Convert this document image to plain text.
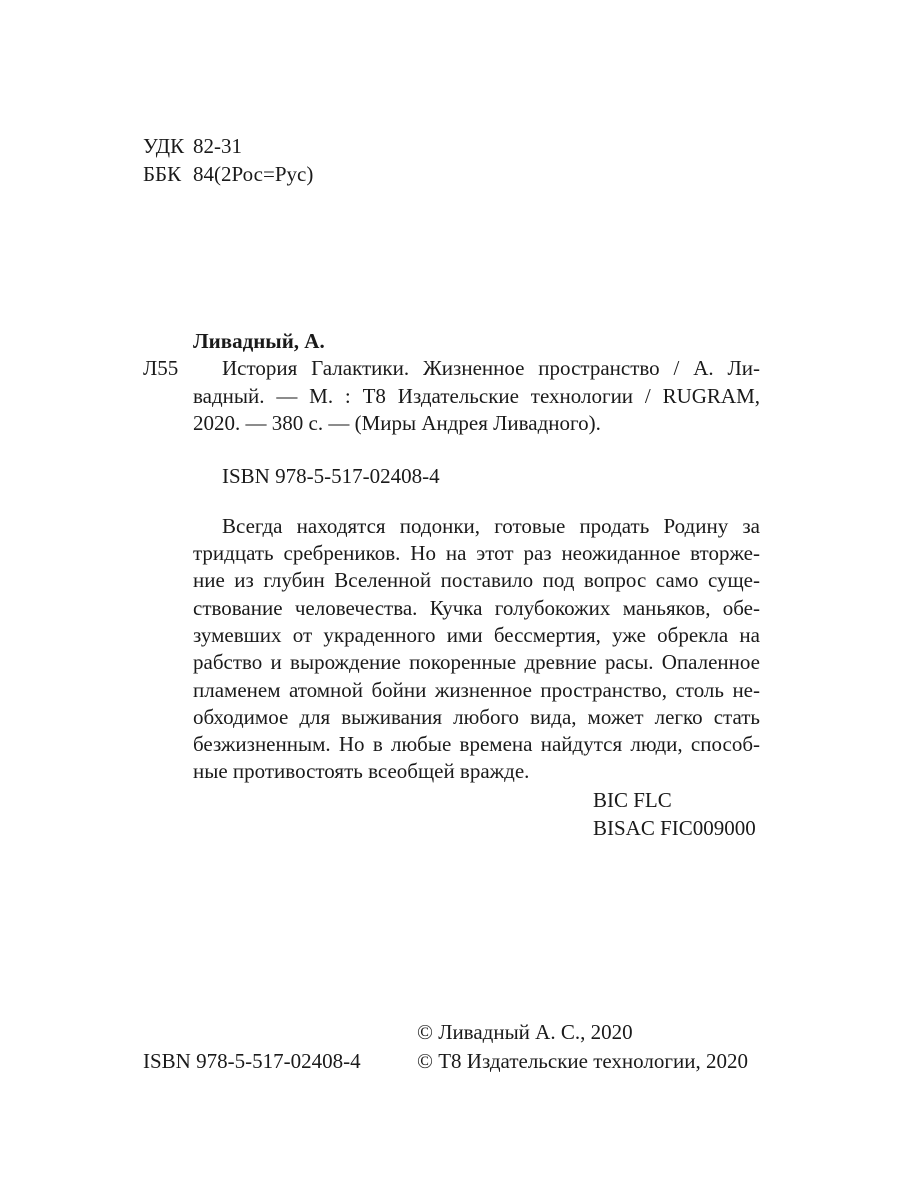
УДК 82-31
ББК 84(2Рос=Рус)
Ливадный, А.
Л55 История Галактики. Жизненное пространство / А. Ли-
вадный. — М. : Т8 Издательские технологии / RUGRAM,
2020. — 380 с. — (Миры Андрея Ливадного).
ISBN 978-5-517-02408-4
Всегда находятся подонки, готовые продать Родину за
тридцать сребреников. Но на этот раз неожиданное вторже-
ние из глубин Вселенной поставило под вопрос само суще-
ствование человечества. Кучка голубокожих маньяков, обе-
зумевших от украденного ими бессмертия, уже обрекла на
рабство и вырождение покоренные древние расы. Опаленное
пламенем атомной бойни жизненное пространство, столь не-
обходимое для выживания любого вида, может легко стать
безжизненным. Но в любые времена найдутся люди, способ-
ные противостоять всеобщей вражде.
BIC FLC
BISAC FIC009000
© Ливадный А. С., 2020
ISBN 978-5-517-02408-4	© Т8 Издательские технологии, 2020
